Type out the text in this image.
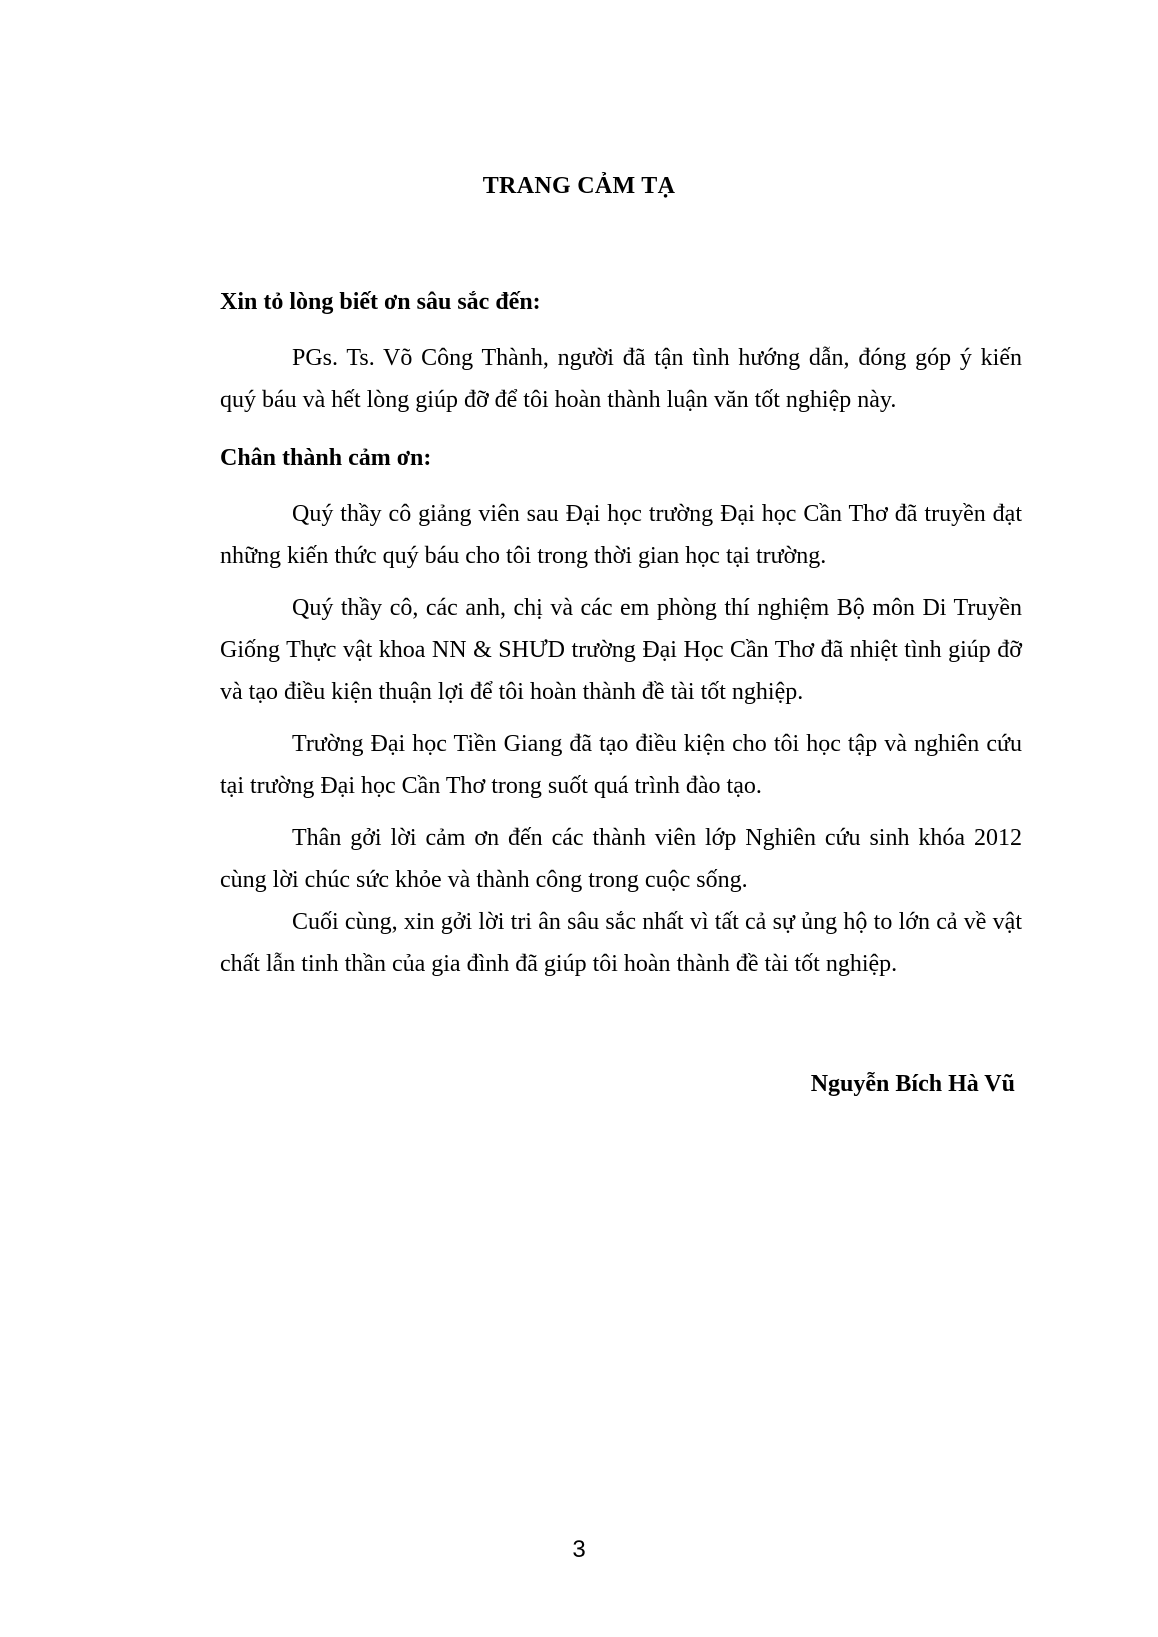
TRANG CẢM TẠ

Xin tỏ lòng biết ơn sâu sắc đến:

PGs. Ts. Võ Công Thành, người đã tận tình hướng dẫn, đóng góp ý kiến quý báu và hết lòng giúp đỡ để tôi hoàn thành luận văn tốt nghiệp này.

Chân thành cảm ơn:

Quý thầy cô giảng viên sau Đại học trường Đại học Cần Thơ đã truyền đạt những kiến thức quý báu cho tôi trong thời gian học tại trường.

Quý thầy cô, các anh, chị và các em phòng thí nghiệm Bộ môn Di Truyền Giống Thực vật khoa NN & SHƯD trường Đại Học Cần Thơ đã nhiệt tình giúp đỡ và tạo điều kiện thuận lợi để tôi hoàn thành đề tài tốt nghiệp.

Trường Đại học Tiền Giang đã tạo điều kiện cho tôi học tập và nghiên cứu tại trường Đại học Cần Thơ trong suốt quá trình đào tạo.

Thân gởi lời cảm ơn đến các thành viên lớp Nghiên cứu sinh khóa 2012 cùng lời chúc sức khỏe và thành công trong cuộc sống.

Cuối cùng, xin gởi lời tri ân sâu sắc nhất vì tất cả sự ủng hộ to lớn cả về vật chất lẫn tinh thần của gia đình đã giúp tôi hoàn thành đề tài tốt nghiệp.

Nguyễn Bích Hà Vũ
3
